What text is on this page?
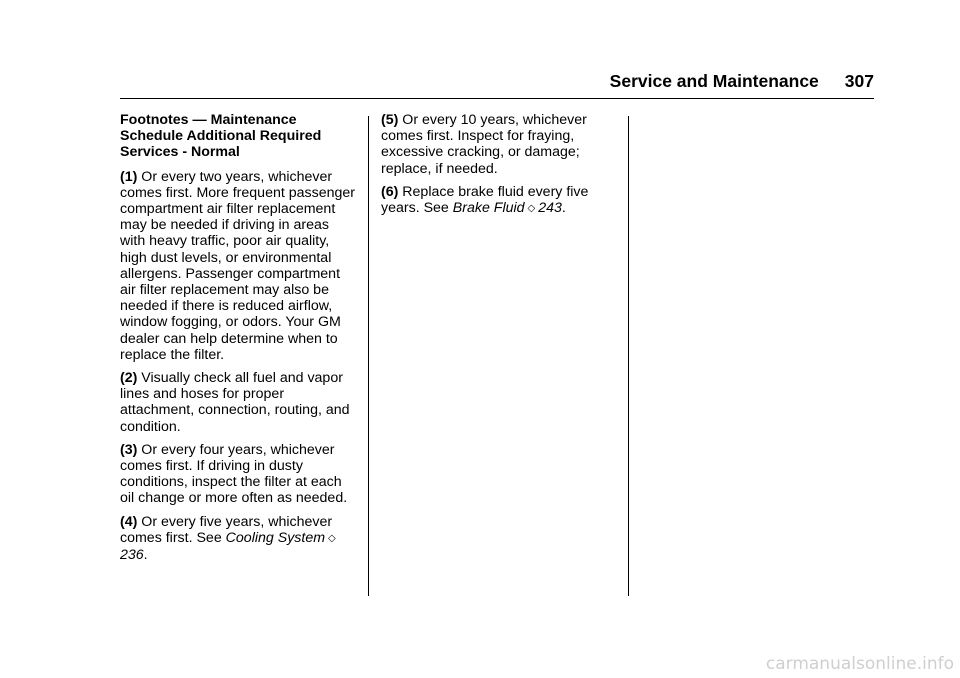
Service and Maintenance 307
Footnotes — Maintenance Schedule Additional Required Services - Normal

(1) Or every two years, whichever comes first. More frequent passenger compartment air filter replacement may be needed if driving in areas with heavy traffic, poor air quality, high dust levels, or environmental allergens. Passenger compartment air filter replacement may also be needed if there is reduced airflow, window fogging, or odors. Your GM dealer can help determine when to replace the filter.

(2) Visually check all fuel and vapor lines and hoses for proper attachment, connection, routing, and condition.

(3) Or every four years, whichever comes first. If driving in dusty conditions, inspect the filter at each oil change or more often as needed.

(4) Or every five years, whichever comes first. See Cooling System ◇236.

(5) Or every 10 years, whichever comes first. Inspect for fraying, excessive cracking, or damage; replace, if needed.

(6) Replace brake fluid every five years. See Brake Fluid ◇ 243.

carmanualsonline.info
